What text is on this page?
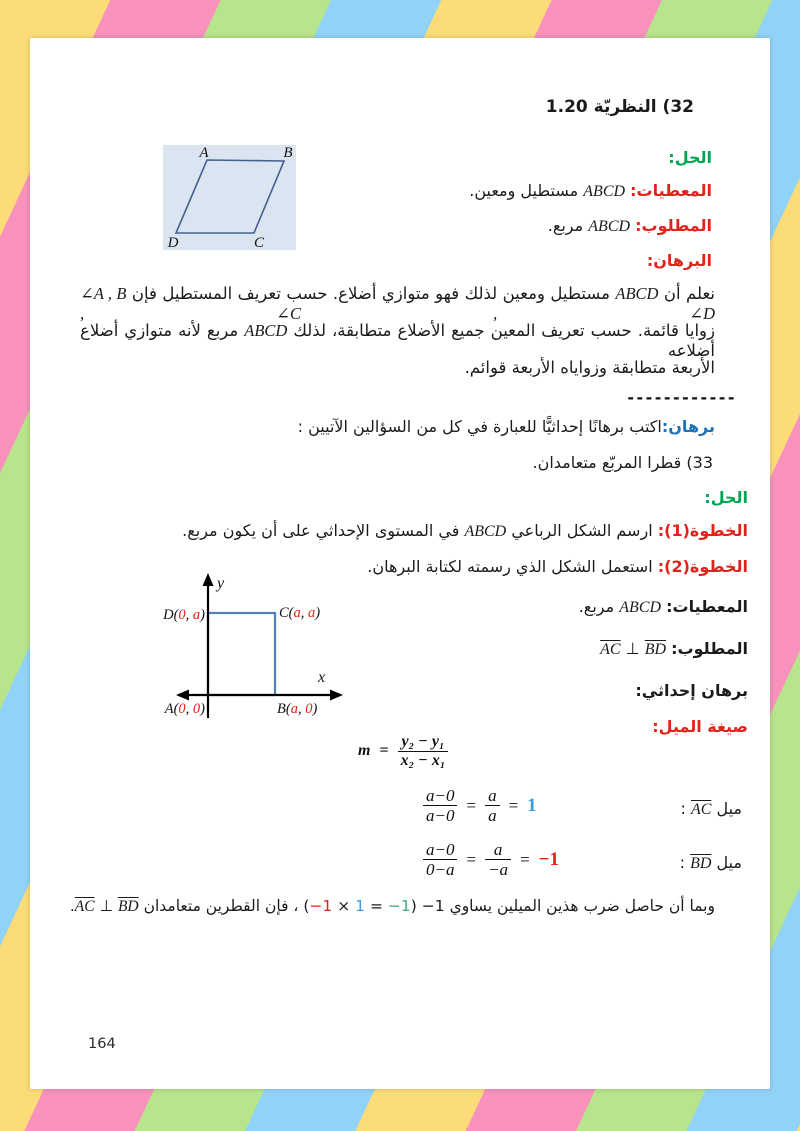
32) النظريّة 1.20
A	B
C
D
الحل:
المعطيات: ABCD مستطيل ومعين.
المطلوب: ABCD مربع.
البرهان:
نعلم أن ABCD مستطيل ومعين لذلك فهو متوازي أضلاع. حسب تعريف المستطيل فإن ∠A , B , ∠C , ∠D
زوايا قائمة. حسب تعريف المعين جميع الأضلاع متطابقة، لذلك ABCD مربع لأنه متوازي أضلاع أضلاعه
الأربعة متطابقة وزواياه الأربعة قوائم.
------------
برهان: اكتب برهانًا إحداثيًّا للعبارة في كل من السؤالين الآتيين :
33) قطرا المربّع متعامدان.
الحل:
الخطوة(1): ارسم الشكل الرباعي ABCD في المستوى الإحداثي على أن يكون مربع.
الخطوة(2): استعمل الشكل الذي رسمته لكتابة البرهان.
y
x
D(0, a)	C(a, a)
A(0, 0)	B(a, 0)
المعطيات: ABCD مربع.
المطلوب: $\overline{AC}$ ⊥ $\overline{BD}$
برهان إحداثي:
صيغة الميل:
$m = \frac{\text{y₂ − y₁}}{\text{x₂ − x₁}}$
$\frac{a-0}{a-0} = \frac{a}{a} = 1$	ميل $\overline{AC}$ :
$\frac{a-0}{0-a} = \frac{a}{-a} = -1$	ميل $\overline{BD}$ :
وبما أن حاصل ضرب هذين الميلين يساوي −1 (−1 × 1 = −1) ، فإن القطرين متعامدان $\overline{AC}$ ⊥ $\overline{BD}$.
164
